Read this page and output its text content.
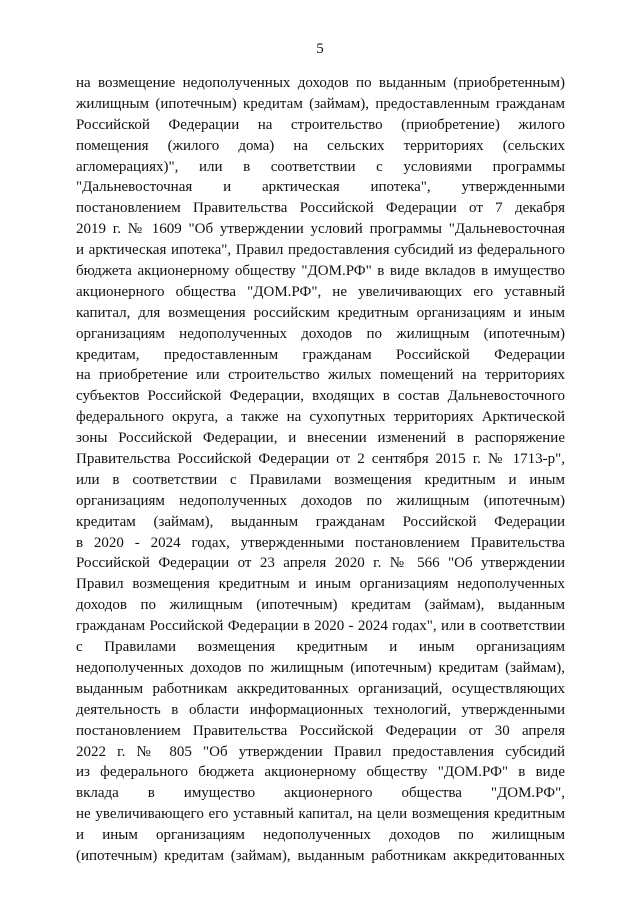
5
на возмещение недополученных доходов по выданным (приобретенным)
жилищным (ипотечным) кредитам (займам), предоставленным гражданам
Российской Федерации на строительство (приобретение) жилого
помещения (жилого дома) на сельских территориях (сельских
агломерациях)", или в соответствии с условиями программы
"Дальневосточная и арктическая ипотека", утвержденными
постановлением Правительства Российской Федерации от 7 декабря
2019 г. № 1609 "Об утверждении условий программы "Дальневосточная
и арктическая ипотека", Правил предоставления субсидий из федерального
бюджета акционерному обществу "ДОМ.РФ" в виде вкладов в имущество
акционерного общества "ДОМ.РФ", не увеличивающих его уставный
капитал, для возмещения российским кредитным организациям и иным
организациям недополученных доходов по жилищным (ипотечным)
кредитам, предоставленным гражданам Российской Федерации
на приобретение или строительство жилых помещений на территориях
субъектов Российской Федерации, входящих в состав Дальневосточного
федерального округа, а также на сухопутных территориях Арктической
зоны Российской Федерации, и внесении изменений в распоряжение
Правительства Российской Федерации от 2 сентября 2015 г. № 1713-р",
или в соответствии с Правилами возмещения кредитным и иным
организациям недополученных доходов по жилищным (ипотечным)
кредитам (займам), выданным гражданам Российской Федерации
в 2020 - 2024 годах, утвержденными постановлением Правительства
Российской Федерации от 23 апреля 2020 г. № 566 "Об утверждении
Правил возмещения кредитным и иным организациям недополученных
доходов по жилищным (ипотечным) кредитам (займам), выданным
гражданам Российской Федерации в 2020 - 2024 годах", или в соответствии
с Правилами возмещения кредитным и иным организациям
недополученных доходов по жилищным (ипотечным) кредитам (займам),
выданным работникам аккредитованных организаций, осуществляющих
деятельность в области информационных технологий, утвержденными
постановлением Правительства Российской Федерации от 30 апреля
2022 г. № 805 "Об утверждении Правил предоставления субсидий
из федерального бюджета акционерному обществу "ДОМ.РФ" в виде
вклада в имущество акционерного общества "ДОМ.РФ",
не увеличивающего его уставный капитал, на цели возмещения кредитным
и иным организациям недополученных доходов по жилищным
(ипотечным) кредитам (займам), выданным работникам аккредитованных
